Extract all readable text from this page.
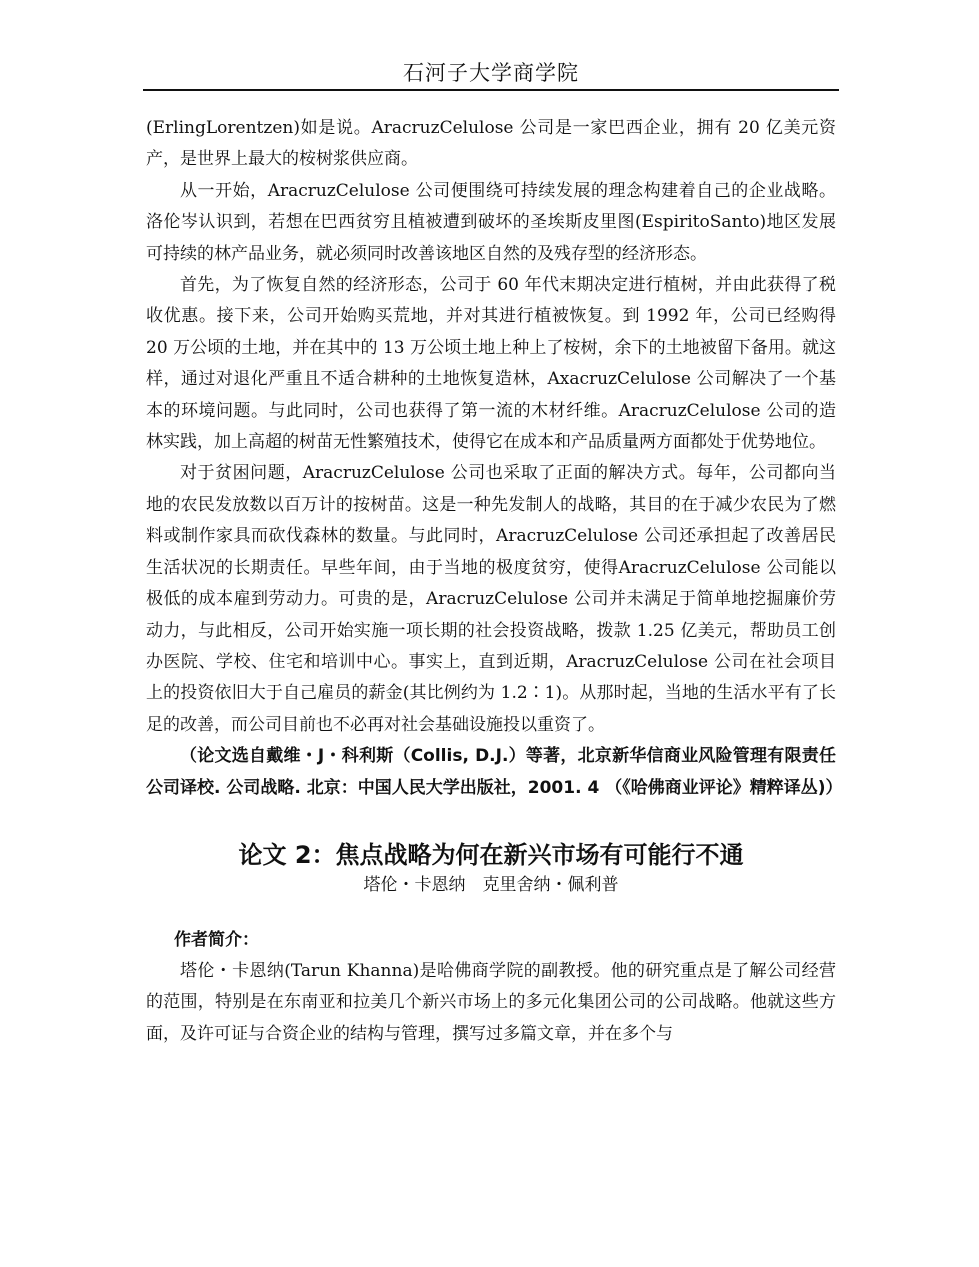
石河子大学商学院

(ErlingLorentzen)如是说。AracruzCelulose 公司是一家巴西企业，拥有 20 亿美元资产，是世界上最大的桉树浆供应商。

从一开始，AracruzCelulose 公司便围绕可持续发展的理念构建着自己的企业战略。洛伦岑认识到，若想在巴西贫穷且植被遭到破坏的圣埃斯皮里图(EspiritoSanto)地区发展可持续的林产品业务，就必须同时改善该地区自然的及残存型的经济形态。

首先，为了恢复自然的经济形态，公司于 60 年代末期决定进行植树，并由此获得了税收优惠。接下来，公司开始购买荒地，并对其进行植被恢复。到 1992 年，公司已经购得 20 万公顷的土地，并在其中的 13 万公顷土地上种上了桉树，余下的土地被留下备用。就这样，通过对退化严重且不适合耕种的土地恢复造林，AxacruzCelulose 公司解决了一个基本的环境问题。与此同时，公司也获得了第一流的木材纤维。AracruzCelulose 公司的造林实践，加上高超的树苗无性繁殖技术，使得它在成本和产品质量两方面都处于优势地位。

对于贫困问题，AracruzCelulose 公司也采取了正面的解决方式。每年，公司都向当地的农民发放数以百万计的按树苗。这是一种先发制人的战略，其目的在于减少农民为了燃料或制作家具而砍伐森林的数量。与此同时，AracruzCelulose 公司还承担起了改善居民生活状况的长期责任。早些年间，由于当地的极度贫穷，使得AracruzCelulose 公司能以极低的成本雇到劳动力。可贵的是，AracruzCelulose 公司并未满足于简单地挖掘廉价劳动力，与此相反，公司开始实施一项长期的社会投资战略，拨款 1.25 亿美元，帮助员工创办医院、学校、住宅和培训中心。事实上，直到近期，AracruzCelulose 公司在社会项目上的投资依旧大于自己雇员的薪金(其比例约为 1.2∶1)。从那时起，当地的生活水平有了长足的改善，而公司目前也不必再对社会基础设施投以重资了。

（论文选自戴维・J・科利斯（Collis, D.J.）等著，北京新华信商业风险管理有限责任公司译校. 公司战略. 北京：中国人民大学出版社，2001. 4 （《哈佛商业评论》精粹译丛)）

论文 2：焦点战略为何在新兴市场有可能行不通

塔伦・卡恩纳　克里舍纳・佩利普

作者简介：

塔伦・卡恩纳(Tarun Khanna)是哈佛商学院的副教授。他的研究重点是了解公司经营的范围，特别是在东南亚和拉美几个新兴市场上的多元化集团公司的公司战略。他就这些方面，及许可证与合资企业的结构与管理，撰写过多篇文章，并在多个与
